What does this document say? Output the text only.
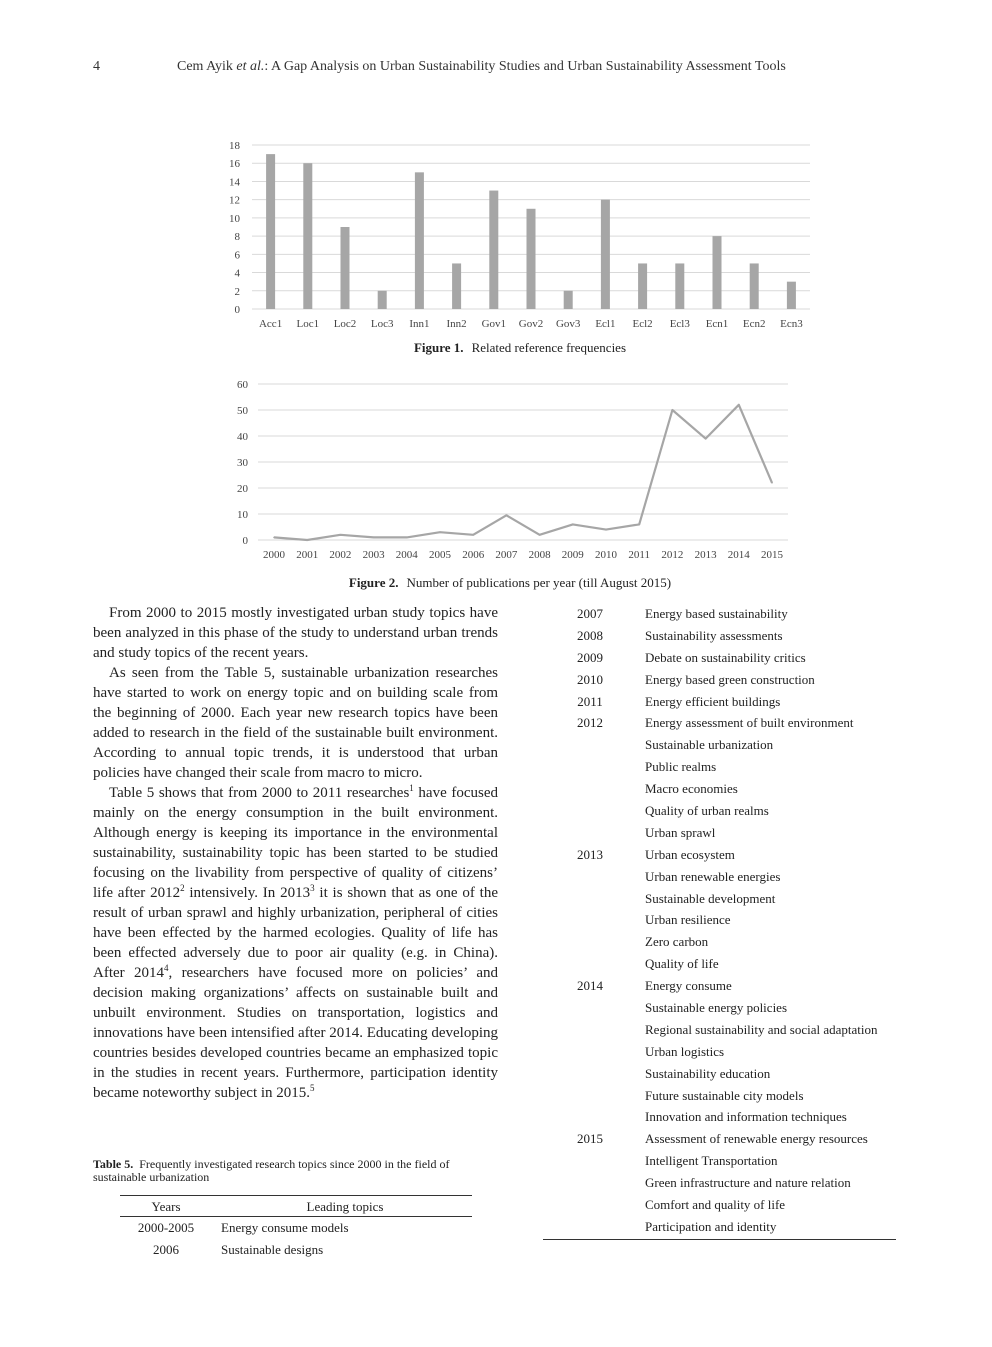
4	Cem Ayik et al.: A Gap Analysis on Urban Sustainability Studies and Urban Sustainability Assessment Tools
0
2
4
6
8
10
12
14
16
18
Acc1 Loc1 Loc2 Loc3 Inn1 Inn2 Gov1 Gov2 Gov3 Ecl1 Ecl2 Ecl3 Ecn1 Ecn2 Ecn3
Figure 1. Related reference frequencies
0
10
20
30
40
50
60
2000 2001 2002 2003 2004 2005 2006 2007 2008 2009 2010 2011 2012 2013 2014 2015
Figure 2. Number of publications per year (till August 2015)

From 2000 to 2015 mostly investigated urban study topics have been analyzed in this phase of the study to understand urban trends and study topics of the recent years.

As seen from the Table 5, sustainable urbanization researches have started to work on energy topic and on building scale from the beginning of 2000. Each year new research topics have been added to research in the field of the sustainable built environment. According to annual topic trends, it is understood that urban policies have changed their scale from macro to micro.

Table 5 shows that from 2000 to 2011 researches$^1$ have focused mainly on the energy consumption in the built environment. Although energy is keeping its importance in the environmental sustainability, sustainability topic has been started to be studied focusing on the livability from perspective of quality of citizens’ life after 2012$^2$ intensively. In 2013$^3$ it is shown that as one of the result of urban sprawl and highly urbanization, peripheral of cities have been effected by the harmed ecologies. Quality of life has been effected adversely due to poor air quality (e.g. in China). After 2014$^4$, researchers have focused more on policies’ and decision making organizations’ affects on sustainable built and unbuilt environment. Studies on transportation, logistics and innovations have been intensified after 2014. Educating developing countries besides developed countries became an emphasized topic in the studies in recent years. Furthermore, participation identity became noteworthy subject in 2015.$^5$

Table 5. Frequently investigated research topics since 2000 in the field of sustainable urbanization
Years	Leading topics
2000-2005	Energy consume models
2006	Sustainable designs
2007	Energy based sustainability
2008	Sustainability assessments
2009	Debate on sustainability critics
2010	Energy based green construction
2011	Energy efficient buildings
2012	Energy assessment of built environment
Sustainable urbanization
Public realms
Macro economies
Quality of urban realms
Urban sprawl
2013	Urban ecosystem
Urban renewable energies
Sustainable development
Urban resilience
Zero carbon
Quality of life
2014	Energy consume
Sustainable energy policies
Regional sustainability and social adaptation
Urban logistics
Sustainability education
Future sustainable city models
Innovation and information techniques
2015	Assessment of renewable energy resources
Intelligent Transportation
Green infrastructure and nature relation
Comfort and quality of life
Participation and identity
